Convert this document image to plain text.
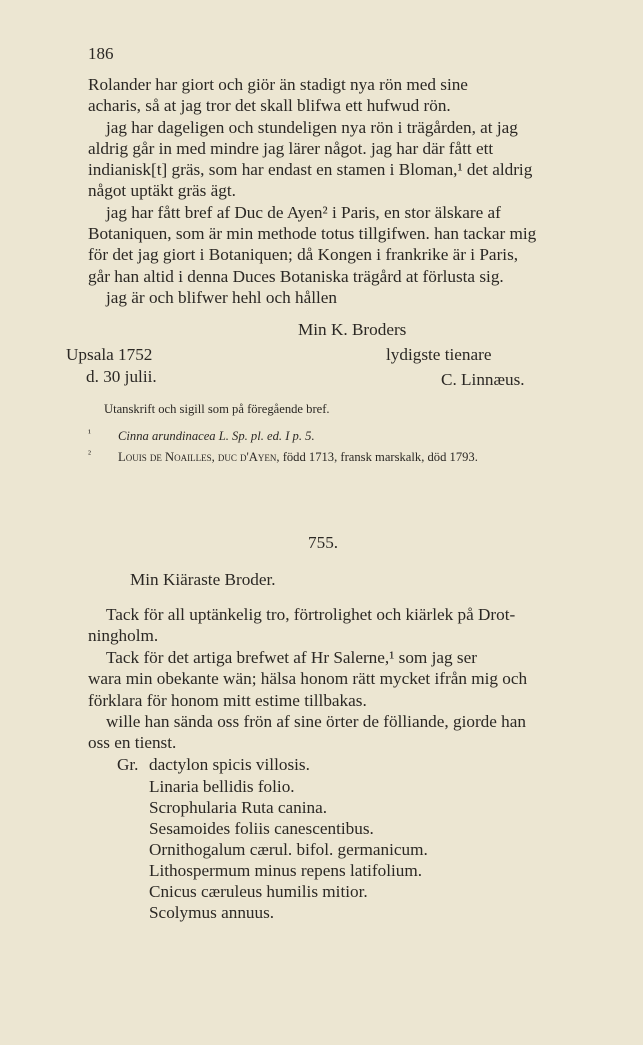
186
Rolander har giort och giör än stadigt nya rön med sine
acharis, så at jag tror det skall blifwa ett hufwud rön.
jag har dageligen och stundeligen nya rön i trägården, at jag
aldrig går in med mindre jag lärer något. jag har där fått ett
indianisk[t] gräs, som har endast en stamen i Bloman,¹ det aldrig
något uptäkt gräs ägt.
jag har fått bref af Duc de Ayen² i Paris, en stor älskare af
Botaniquen, som är min methode totus tillgifwen. han tackar mig
för det jag giort i Botaniquen; då Kongen i frankrike är i Paris,
går han altid i denna Duces Botaniska trägård at förlusta sig.
jag är och blifwer hehl och hållen
Min K. Broders
Upsala 1752	lydigste tienare
d. 30 julii.	C. Linnæus.
Utanskrift och sigill som på föregående bref.
¹ Cinna arundinacea L. Sp. pl. ed. I p. 5.
² Louis de Noailles, duc d'Ayen, född 1713, fransk marskalk, död 1793.
755.
Min Kiäraste Broder.
Tack för all uptänkelig tro, förtrolighet och kiärlek på Drot-
ningholm.
Tack för det artiga brefwet af Hr Salerne,¹ som jag ser
wara min obekante wän; hälsa honom rätt mycket ifrån mig och
förklara för honom mitt estime tillbakas.
wille han sända oss frön af sine örter de fölliande, giorde han
oss en tienst.
Gr. dactylon spicis villosis.
Linaria bellidis folio.
Scrophularia Ruta canina.
Sesamoides foliis canescentibus.
Ornithogalum cærul. bifol. germanicum.
Lithospermum minus repens latifolium.
Cnicus cæruleus humilis mitior.
Scolymus annuus.
